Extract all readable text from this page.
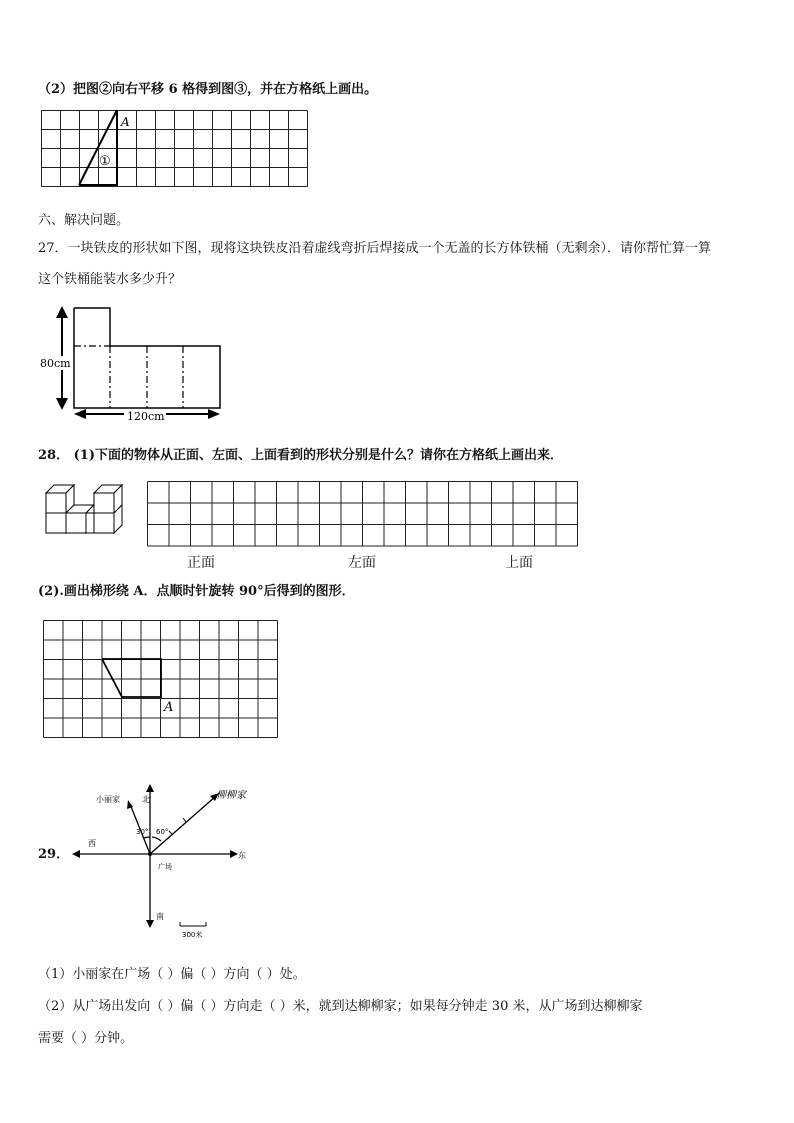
（2）把图②向右平移 6 格得到图③，并在方格纸上画出。
A
①
六、解决问题。
27．一块铁皮的形状如下图，现将这块铁皮沿着虚线弯折后焊接成一个无盖的长方体铁桶（无剩余）．请你帮忙算一算
这个铁桶能装水多少升？
80cm
120cm
28． (1)下面的物体从正面、左面、上面看到的形状分别是什么？请你在方格纸上画出来．
正面	左面	上面
(2).画出梯形绕 A．点顺时针旋转 90°后得到的图形．
A
29．
小丽家	北	柳柳家
30° 60°
西
东
广场
南
300米
（1）小丽家在广场（ ）偏（ ）方向（ ）处。
（2）从广场出发向（ ）偏（ ）方向走（ ）米，就到达柳柳家；如果每分钟走 30 米，从广场到达柳柳家
需要（ ）分钟。
